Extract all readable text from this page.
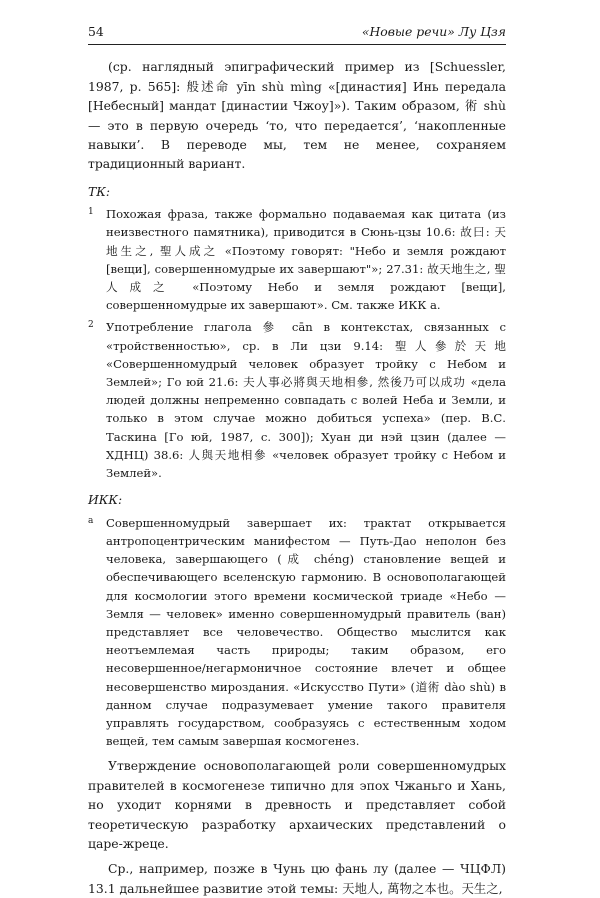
54	«Новые речи» Лу Цзя

(ср. наглядный эпиграфический пример из [Schuessler, 1987, p. 565]: 般述命 yīn shù mìng «[династия] Инь передала [Небесный] мандат [династии Чжоу]»). Таким образом, 術 shù — это в первую очередь ‘то, что передается’, ‘накопленные навыки’. В переводе мы, тем не менее, сохраняем традиционный вариант.

ТК:
1	Похожая фраза, также формально подаваемая как цитата (из неизвестного памятника), приводится в Сюнь-цзы 10.6: 故曰: 天地生之, 聖人成之 «Поэтому говорят: "Небо и земля рождают [вещи], совершенномудрые их завершают"»; 27.31: 故天地生之, 聖人成之 «Поэтому Небо и земля рождают [вещи], совершенномудрые их завершают». См. также ИКК a.
2	Употребление глагола 參 cān в контекстах, связанных с «тройственностью», ср. в Ли цзи 9.14: 聖人參於天地 «Совершенномудрый человек образует тройку с Небом и Землей»; Го юй 21.6: 夫人事必將與天地相參, 然後乃可以成功 «дела людей должны непременно совпадать с волей Неба и Земли, и только в этом случае можно добиться успеха» (пер. В.С. Таскина [Го юй, 1987, с. 300]); Хуан ди нэй цзин (далее — ХДНЦ) 38.6: 人與天地相參 «человек образует тройку с Небом и Землей».
ИКК:
a	Совершенномудрый завершает их: трактат открывается антропоцентрическим манифестом — Путь-Дао неполон без человека, завершающего (成 chéng) становление вещей и обеспечивающего вселенскую гармонию. В основополагающей для космологии этого времени космической триаде «Небо — Земля — человек» именно совершенномудрый правитель (ван) представляет все человечество. Общество мыслится как неотъемлемая часть природы; таким образом, его несовершенное/негармоничное состояние влечет и общее несовершенство мироздания. «Искусство Пути» (道術 dào shù) в данном случае подразумевает умение такого правителя управлять государством, сообразуясь с естественным ходом вещей, тем самым завершая космогенез.

Утверждение основополагающей роли совершенномудрых правителей в космогенезе типично для эпох Чжаньго и Хань, но уходит корнями в древность и представляет собой теоретическую разработку архаических представлений о царе-жреце.

Ср., например, позже в Чунь цю фань лу (далее — ЧЦФЛ) 13.1 дальнейшее развитие этой темы: 天地人, 萬物之本也。天生之,
